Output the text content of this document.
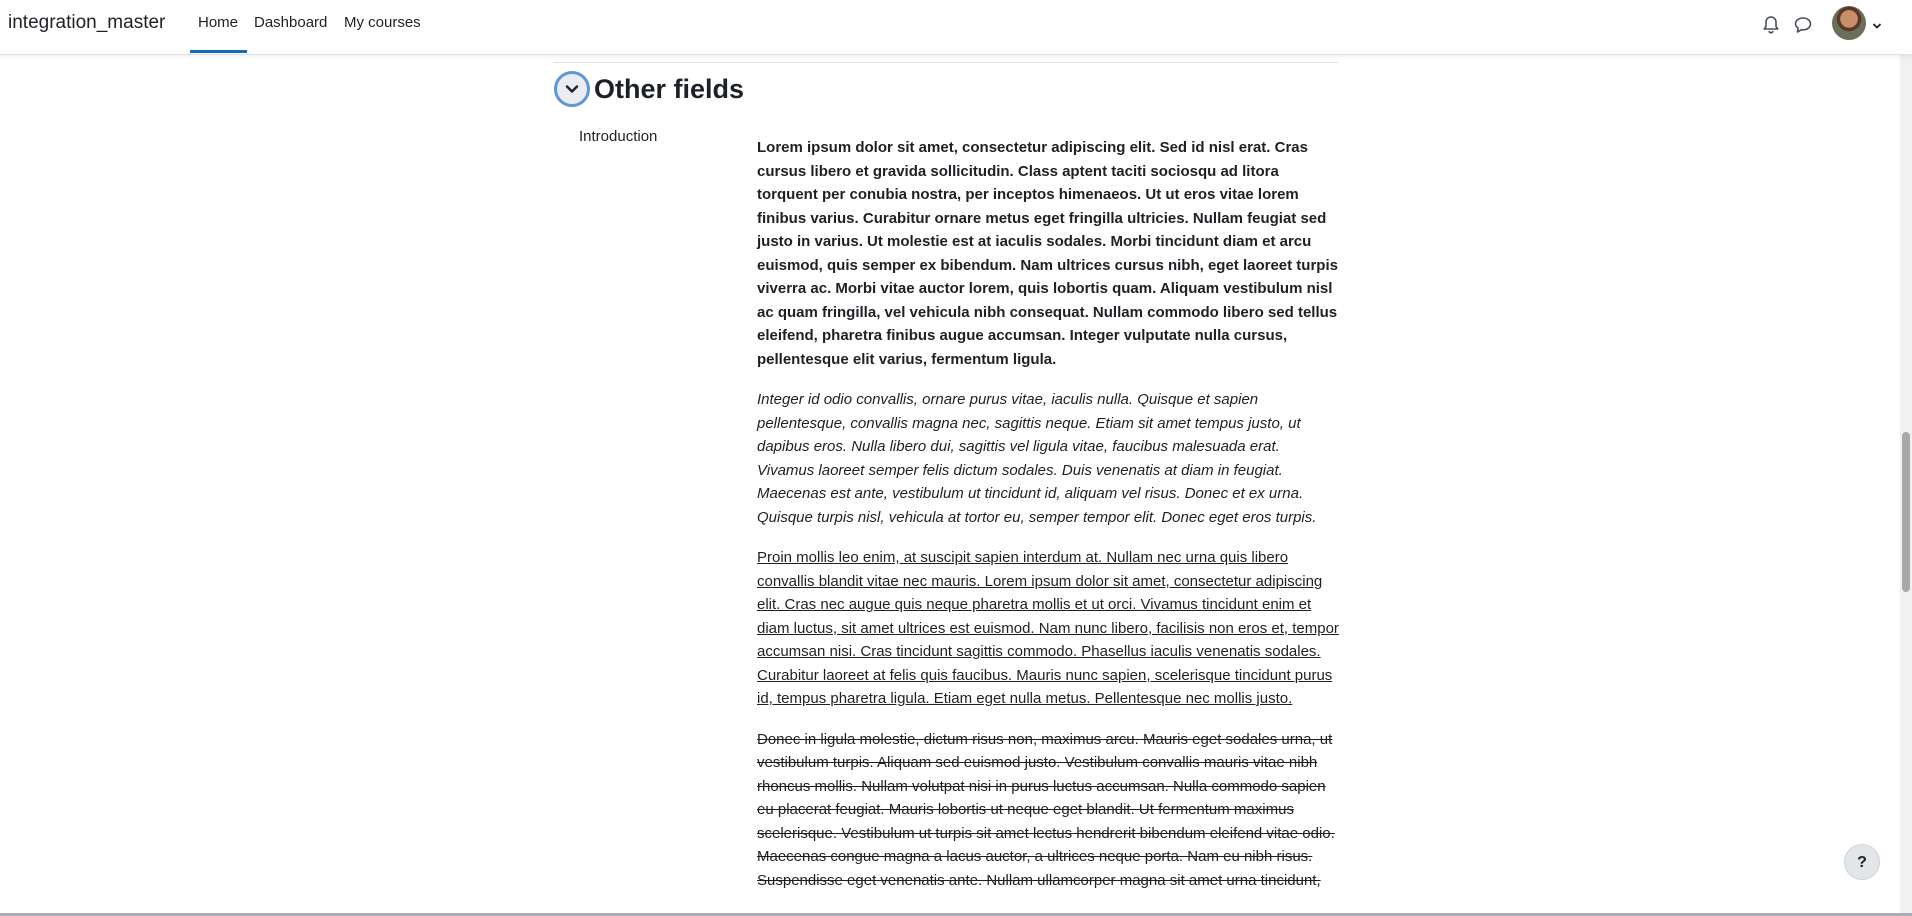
integration_master Home Dashboard My courses
Other fields
Introduction

Lorem ipsum dolor sit amet, consectetur adipiscing elit. Sed id nisl erat. Cras cursus libero et gravida sollicitudin. Class aptent taciti sociosqu ad litora torquent per conubia nostra, per inceptos himenaeos. Ut ut eros vitae lorem finibus varius. Curabitur ornare metus eget fringilla ultricies. Nullam feugiat sed justo in varius. Ut molestie est at iaculis sodales. Morbi tincidunt diam et arcu euismod, quis semper ex bibendum. Nam ultrices cursus nibh, eget laoreet turpis viverra ac. Morbi vitae auctor lorem, quis lobortis quam. Aliquam vestibulum nisl ac quam fringilla, vel vehicula nibh consequat. Nullam commodo libero sed tellus eleifend, pharetra finibus augue accumsan. Integer vulputate nulla cursus, pellentesque elit varius, fermentum ligula.

Integer id odio convallis, ornare purus vitae, iaculis nulla. Quisque et sapien pellentesque, convallis magna nec, sagittis neque. Etiam sit amet tempus justo, ut dapibus eros. Nulla libero dui, sagittis vel ligula vitae, faucibus malesuada erat. Vivamus laoreet semper felis dictum sodales. Duis venenatis at diam in feugiat. Maecenas est ante, vestibulum ut tincidunt id, aliquam vel risus. Donec et ex urna. Quisque turpis nisl, vehicula at tortor eu, semper tempor elit. Donec eget eros turpis.

Proin mollis leo enim, at suscipit sapien interdum at. Nullam nec urna quis libero convallis blandit vitae nec mauris. Lorem ipsum dolor sit amet, consectetur adipiscing elit. Cras nec augue quis neque pharetra mollis et ut orci. Vivamus tincidunt enim et diam luctus, sit amet ultrices est euismod. Nam nunc libero, facilisis non eros et, tempor accumsan nisi. Cras tincidunt sagittis commodo. Phasellus iaculis venenatis sodales. Curabitur laoreet at felis quis faucibus. Mauris nunc sapien, scelerisque tincidunt purus id, tempus pharetra ligula. Etiam eget nulla metus. Pellentesque nec mollis justo.

Donec in ligula molestie, dictum risus non, maximus arcu. Mauris eget sodales urna, ut vestibulum turpis. Aliquam sed euismod justo. Vestibulum convallis mauris vitae nibh rhoncus mollis. Nullam volutpat nisi in purus luctus accumsan. Nulla commodo sapien eu placerat feugiat. Mauris lobortis ut neque eget blandit. Ut fermentum maximus scelerisque. Vestibulum ut turpis sit amet lectus hendrerit bibendum eleifend vitae odio. Maecenas congue magna a lacus auctor, a ultrices neque porta. Nam eu nibh risus. Suspendisse eget venenatis ante. Nullam ullamcorper magna sit amet urna tincidunt,

?
